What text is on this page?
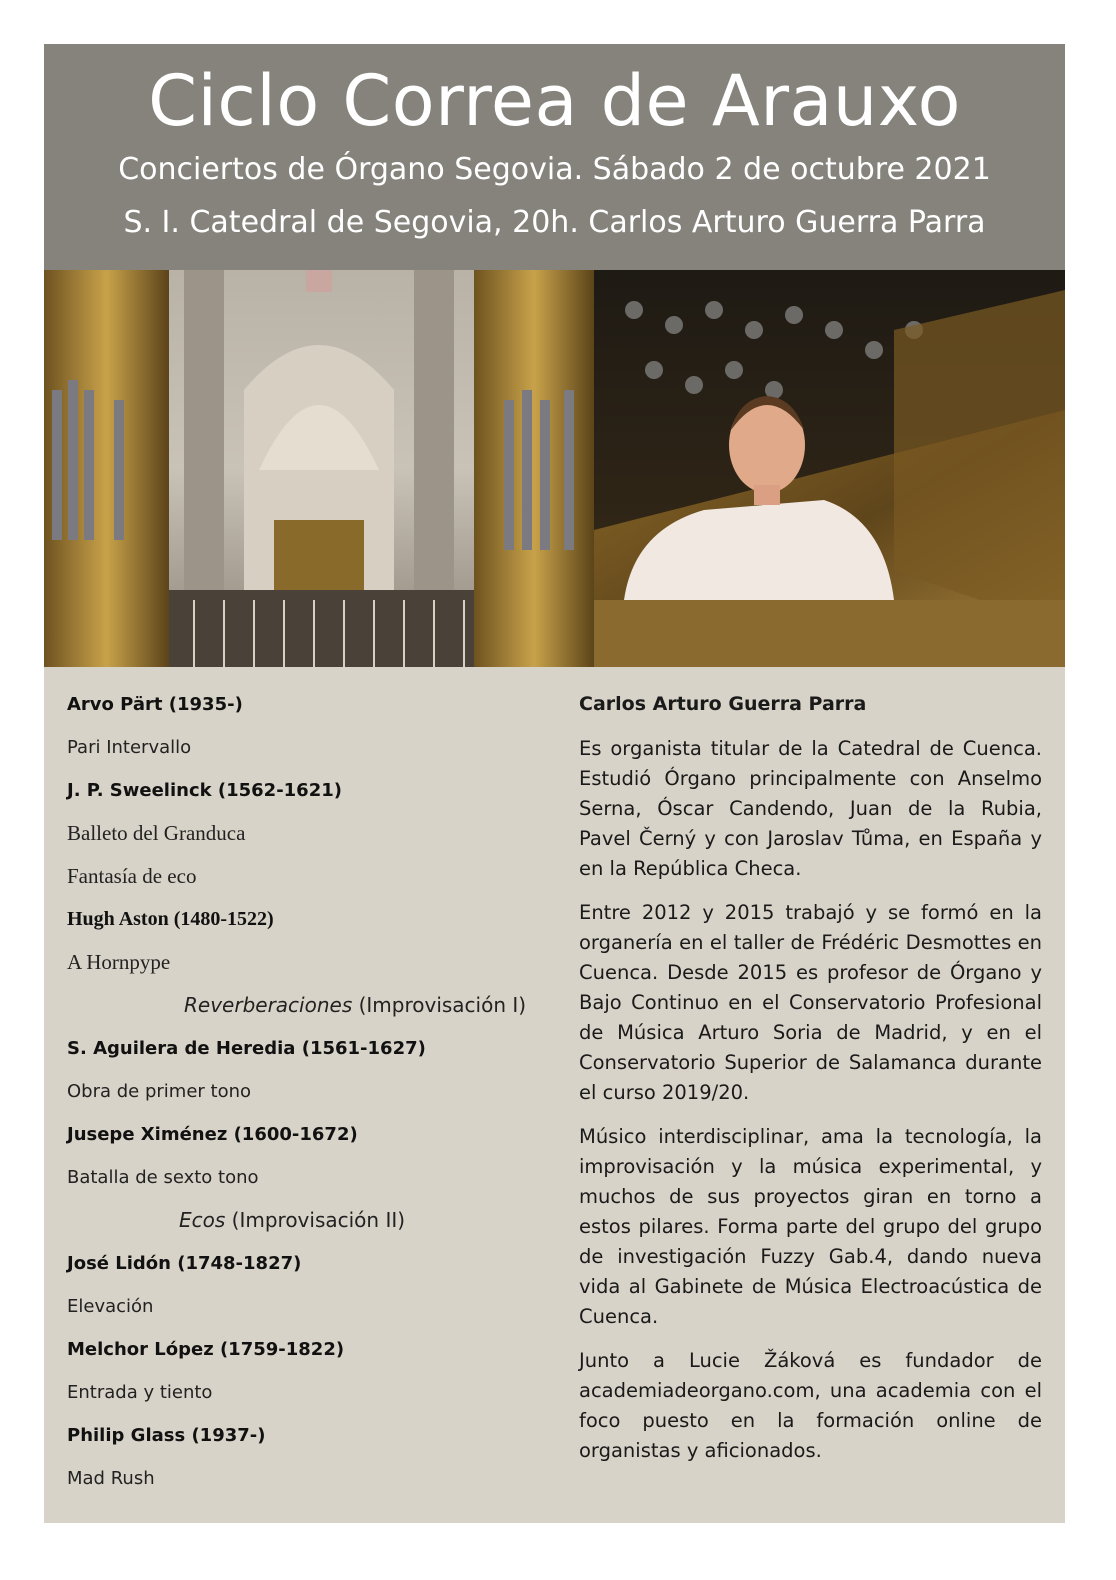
Ciclo Correa de Arauxo
Conciertos de Órgano Segovia. Sábado 2 de octubre 2021
S. I. Catedral de Segovia, 20h. Carlos Arturo Guerra Parra
Arvo Pärt (1935-)
Pari Intervallo
J. P. Sweelinck (1562-1621)
Balleto del Granduca
Fantasía de eco
Hugh Aston (1480-1522)
A Hornpype
Reverberaciones (Improvisación I)
S. Aguilera de Heredia (1561-1627)
Obra de primer tono
Jusepe Ximénez (1600-1672)
Batalla de sexto tono
Ecos (Improvisación II)
José Lidón (1748-1827)
Elevación
Melchor López (1759-1822)
Entrada y tiento
Philip Glass (1937-)
Mad Rush
Carlos Arturo Guerra Parra

Es organista titular de la Catedral de Cuenca. Estudió Órgano principalmente con Anselmo Serna, Óscar Candendo, Juan de la Rubia, Pavel Černý y con Jaroslav Tůma, en España y en la República Checa.

Entre 2012 y 2015 trabajó y se formó en la organería en el taller de Frédéric Desmottes en Cuenca. Desde 2015 es profesor de Órgano y Bajo Continuo en el Conservatorio Profesional de Música Arturo Soria de Madrid, y en el Conservatorio Superior de Salamanca durante el curso 2019/20.

Músico interdisciplinar, ama la tecnología, la improvisación y la música experimental, y muchos de sus proyectos giran en torno a estos pilares. Forma parte del grupo del grupo de investigación Fuzzy Gab.4, dando nueva vida al Gabinete de Música Electroacústica de Cuenca.

Junto a Lucie Žáková es fundador de academiadeorgano.com, una academia con el foco puesto en la formación online de organistas y aficionados.
